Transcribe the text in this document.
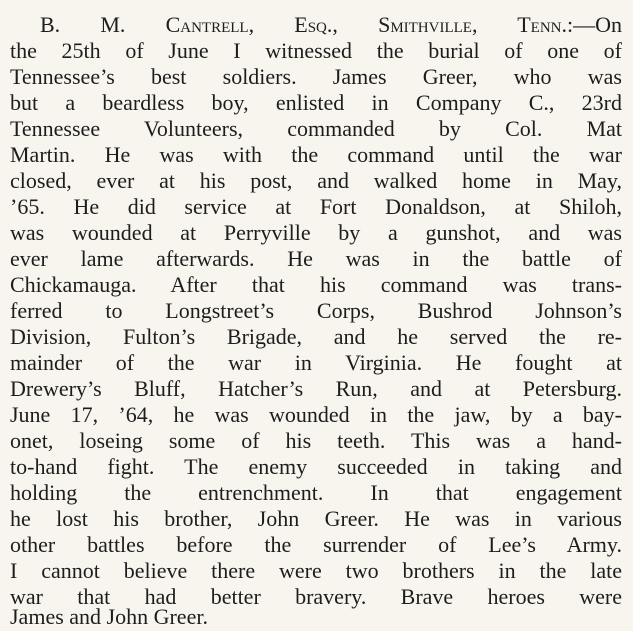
B. M. Cantrell, Esq., Smithville, Tenn.:—On
the 25th of June I witnessed the burial of one of
Tennessee’s best soldiers. James Greer, who was
but a beardless boy, enlisted in Company C., 23rd
Tennessee Volunteers, commanded by Col. Mat
Martin. He was with the command until the war
closed, ever at his post, and walked home in May,
’65. He did service at Fort Donaldson, at Shiloh,
was wounded at Perryville by a gunshot, and was
ever lame afterwards. He was in the battle of
Chickamauga. After that his command was trans-
ferred to Longstreet’s Corps, Bushrod Johnson’s
Division, Fulton’s Brigade, and he served the re-
mainder of the war in Virginia. He fought at
Drewery’s Bluff, Hatcher’s Run, and at Petersburg.
June 17, ’64, he was wounded in the jaw, by a bay-
onet, loseing some of his teeth. This was a hand-
to-hand fight. The enemy succeeded in taking and
holding the entrenchment. In that engagement
he lost his brother, John Greer. He was in various
other battles before the surrender of Lee’s Army.
I cannot believe there were two brothers in the late
war that had better bravery. Brave heroes were
James and John Greer.
